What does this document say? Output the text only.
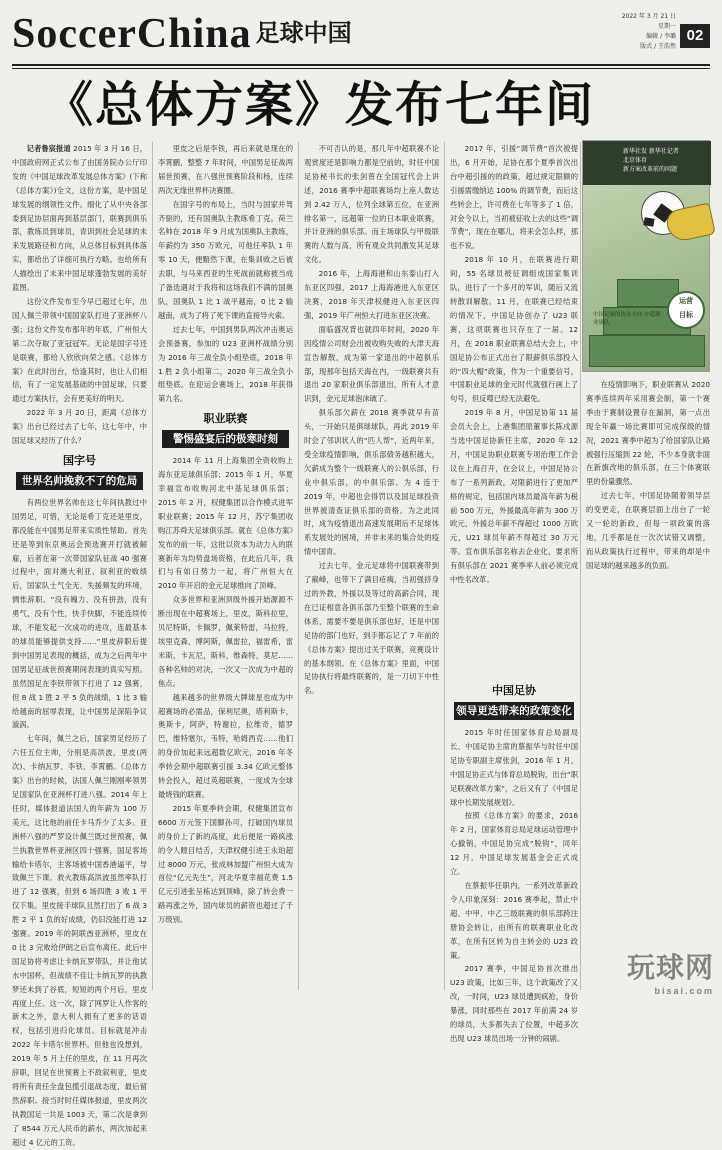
SoccerChina 足球中国
2022 年 3 月 21 日
星期一
编辑 / 李璐
版式 / 王浩然
02
《总体方案》发布七年间

记者鲁宸报道 2015 年 3 月 16 日，中国政府网正式公布了由国务院办公厅印发的《中国足球改革发展总体方案》(下称《总体方案》)全文，这份方案，是中国足球发展的纲领性文件。细化了从中央各部委到足协层面再到基层部门，联赛到俱乐部，教练员到球员，青训到社会足球的未来发展路径和方向，从总体目标到具体落实，都给出了详细可执行方略。也给所有人描绘出了未来中国足球蓬勃发展的美好蓝图。

这份文件发布至今早已超过七年，出国人佩兰带领中国国家队打进了亚洲杯八强；这份文件发布那年的年底，广州恒大第二次夺取了亚冠冠军。无论是国字号还是联赛，都给人欣欣向荣之感。《总体方案》在此时出台，恰逢其时，也让人们相信，有了一定发展基础的中国足球，只要通过方案执行，会有更美好的明天。

2022 年 3 月 20 日，距离《总体方案》出台已经过去了七年，这七年中，中国足球又经历了什么？

国字号
世界名帅挽救不了的危局

有两位世界名帅在这七年间执教过中国男足，可惜，无论是希丁克还是里皮，都没能在中国男足带来实质性帮助。首先还是等到东京奥运会预选赛开打就被解雇，后者在第一次带国家队征战 40 强赛过程中，面对澳大利亚、叙利亚的败绩后，国家队士气全无、失援频发的环境，惆怅辞职。“没有魄力、没有拼劲，没有勇气，没有个性，快手快脚，不能连续传球，不能发起一次成功的进攻，连最基本的球员能够提供支持……”里皮辞职后提到中国男足表现的概括，成为之后两年中国男足征战世预赛期间表现的真实写照。虽然国足在李铁带领下打进了 12 强赛，但 8 战 1 胜 2 平 5 负的战绩，1 比 3 输给越南的屈辱表现，让中国男足深陷争议漩涡。

七年间，佩兰之后，国家男足经历了六任五位主帅，分别是高洪波，里皮(两次)、卡纳瓦罗、李铁、李霄鹏。《总体方案》出台的时候，法国人佩兰刚刚率领男足国家队在亚洲杯打进八强。2014 年上任时，媒体报道法国人的年薪为 100 万美元，这比他的前任卡马乔少了太多。亚洲杯八强的严罗设计佩兰既过世预赛，佩兰执教世界杯亚洲区四十强赛，国足客场输给卡塔尔，主客场被中国香港逼平，导致佩兰下课。救火教练高洪波虽然率队打进了 12 强赛，但到 6 场四胜 3 败 1 平仅下集。里皮接手球队且然打出了 6 战 3 胜 2 平 1 负的好成绩，仍旧没能打进 12 强赛。2019 年的阿联酋亚洲杯，里皮在 0 比 3 完败给伊朗之后宣布离任。此后中国足协将考虑让卡纳瓦罗带队，并让他试水中国杯，但战绩不佳让卡纳瓦罗的执教梦还未到了谷底，短短的两个月后，里皮再度上任。这一次，除了网罗让人作客的新术之外，意大利人拥有了更多的话语权，包括引进归化球员。目标就是冲击 2022 年卡塔尔世界杯。但他也没想到，2019 年 5 月上任的里皮，在 11 月再次辞职，回足在世预赛上不敌叙利亚，里皮将所有责任全盘包揽引退战态度，最后留然辞职。接当时时任媒体报道，里皮两次执教国足一共是 1003 天，第二次是拿到了 8544 万元人民币的薪水，两次加起来超过 4 亿元的工资。

里皮之后是李铁，再后来就是现在的李霄鹏，整整 7 年时间，中国男足征战两届世预赛，在八强世预赛阶段和杨，连续两次无缘世界杯决赛圈。

在国字号的布局上，当时与国家并驾齐驱的，还有国奥队主教练希丁克。荷兰名帅在 2018 年 9 月成为国奥队主教练，年薪约为 350 万欧元，可他任率队 1 年零 10 天，便黯然下课，在集训败之后被去职，与马来西亚的生死战前就称被当成了备选遇对于我将和这场我们不满的国奥队，国奥队 1 比 1 战平越南，0 比 2 输越南，成为了将了死下课的直接导火索。

过去七年，中国到男队两次冲击奥运会预备赛，参加的 U23 亚洲杯战绩分别为 2016 年三战全负小组垫底，2018 年 1 胜 2 负小组第二，2020 年三战全负小组垫底。在迎运会赛场上，2018 年获得第九名。

职业联赛
警惕盛宴后的极寒时刻

2014 年 11 月上海集团全资收购上海东亚足球俱乐部；2015 年 1 月，华夏幸福宣布收购河北中基足球俱乐部；2015 年 2 月，权健集团以合作模式进军职业联赛；2015 年 12 月，苏宁集团收购江苏舜天足球俱乐部。就在《总体方案》发布的前一年，这批以资本为动力入的联赛新年为均势盘场资格，在此后几年，我们与有如日势力一起，将广州恒大在 2010 年开启的金元足球推向了顶峰。

众多世界和亚洲顶级外援开始源源不断出现在中超赛场上，里皮，斯科拉里，贝尼特斯，卡佩罗，佩莱特雷，马拉特，埃里克森，博阿斯，佩雷拉，福雷希，雷米斯，卡瓦尼，斯科，维森特，莫尼……各种名帅的对决，一次又一次成为中超的焦点。

越来越多的世界级大牌球星也成为中超赛场的必需品，保利尼奥，塔利斯卡，奥斯卡，阿萨，特谢拉，拉维奇，德罗巴，维特塞尔，韦特，哈姆西克……他们的身价加起来远超数亿欧元，2016 年冬季转会期中超联赛引援 3.34 亿欧元整体转会投入，超过英超联赛，一度成为全球最烧钱的联赛。

2015 年夏季转会期，权健集团宣布 6600 万元签下国脚孙可，打破国内球员的身价上了新的高度，此后便是一路疯涨的令人瞠目结舌，天津权健引进王永珀超过 8000 万元，张成林加盟广州恒大成为首位“亿元先生”，河北华夏幸福花费 1.5 亿元引进张呈栋达到顶峰，除了转会费一路再涨之外，国内球员的薪资也超过了千万级别。

不可否认的是，那几年中超联赛不论观赏度还是影响力都是空前的，时任中国足协秘书长的张剑曾在全国冠代会上讲述，2016 赛季中超联赛场均上座人数达到 2.42 万人，位列全球第五位，在亚洲排名第一，远超第一位的日本职业联赛，并计亚洲的俱乐部。而主场球队与甲级联赛的人数与高，所有观众共同激发其足球文化。

2016 年，上海海港和山东泰山打入东亚区四强，2017 上海海港进入东亚区决赛，2018 年天津权健进入东亚区四强，2019 年广州恒大打进东亚区决赛。

面临盛况背也就四年时间，2020 年因疫情公司财会出被收购失败的大津天海宣告解散，成为第一家退出的中超俱乐部，现那年包括天海在内，一级联赛共有退出 20 家职业俱乐部退出，所有人才意识到，金元足球泡沫破了。

俱乐部欠薪在 2018 赛季就早有苗头，一开始只是俱球球队，再此 2019 年时会了邻训状人的“匹人帮”，近两年来，受全球疫情影响，俱乐部债务越积越大，欠薪成为整个一级联赛人的公俱乐部，行业中俱乐部，的中俱乐部。为 4 连于 2019 年，中超也会得罚以及国足球投资世界被清查证俱乐部的资格。为之此同时，成为疫情退出高速发展期后不足球体系发展处的困境，并非未来的集合处的疫情中国青。

过去七年，金元足球将中国联赛带到了巅峰，也带下了满目疮痍，当初强挤身过的外教，外援以及等过的高薪合同，现在已证相意各俱乐部乃至整个联赛的生命体系，需要不要是俱乐部也好，还是中国足协的部门也好，到手都忘记了 7 年前的《总体方案》提出过关于联赛，竞赛设计的基本纲领。在《总体方案》里面，中国足协执行将最终联赛的，是一刀切下中性名。	中国足协
领导更迭带来的政策变化

2015 年时任国家体育总局副局长、中国足协主席的蔡振华与时任中国足协专职副主席张剑，2016 年 1 月，中国足协正式与体育总局脱钩，出台“职足联赛改革方案”，之后又有了《中国足球中长期发展规划》。

按照《总体方案》的要求，2016 年 2 月，国家体育总局足球运动管理中心撤销，中国足协完成“脱钩”，同年 12 月，中国足球发展基金会正式成立。

在蔡振华任职内，一系列改革新政令人印象深刻：2016 赛季起，禁止中超、中甲、中乙三级联赛的俱乐部跨注册协会转让，由所有的联赛职业化改革，在所有区转为自主转会的 U23 政策。

2017 赛季，中国足协首次推出 U23 政策，比如三年，这个政策改了又改，一时间，U23 球员遭到疯抢，身价暴涨，同时那些在 2017 年前满 24 岁的球员，大多都失去了位置，中超多次出现 U23 球员出场一分钟的闹剧。

2017 年，引援“调节费”首次被提出，6 月开始，足协在那个夏季首次出台中超引援的的政策，超过规定限额的引援需缴纳达 100% 的调节费，而后这些转会上，许可费在七年等多了 1 倍，对金今以上，当初被征收上去的这些“调节费”，现在在哪儿，将来会怎么样，那也不说。

2018 年 10 月，在联赛进行期间，55 名球员被征调组成国家集训队，进行了一个多月的军训，随后又流转散训解散。11 月，在联赛已经结束的情况下，中国足协创办了 U23 联赛，这项联赛也只存在了一届。12 月，在 2018 职业联赛总结大会上，中国足协公布正式出台了限薪俱乐部投入的“四大帽”政策，作为一个重要信号，中国职业足球的金元时代就强行画上了句号，但反噬已经无法避免。

2019 年 8 月，中国足协第 11 届会员大会上，上港集团原董事长陈戌源当选中国足协新任主席，2020 年 12 月，中国足协职业联赛专项治理工作会议在上海召开，在会议上，中国足协公布了一系列新政，对限薪进行了更加严格的规定，包括国内球员最高年薪为税前 500 万元，外援最高年薪为 300 万欧元，外援总年薪不得超过 1000 万欧元，U21 球员年薪不得超过 30 万元等。宣布俱乐部名称去企业化，要求所有俱乐部在 2021 赛季率人前必须完成中性名改革。

新华社发 新华社记者
北京体育
新方案改革前的问题
运营
目标
中国足球的协办方向 中超职业球队

在疫情影响下，职业联赛从 2020 赛季连续两年采用赛会制，第一个赛季由于赛制设置存在漏洞，第一点出现全年赢一场比赛即可完成保级的情况，2021 赛季中超为了给国家队让路被强行压缩到 22 轮，不少本身就非面在新旗改地的俱乐部，在三个体赛联里的份量骤然。

过去七年，中国足协随着领导层的变更走，在联赛层面上出台了一轮又一轮的新政，但每一项政策的落地，几乎都是在一次次试错又调整，而从政策执行过程中，带来的却是中国足球的越来越多的负面。

玩球网
bisai.com
